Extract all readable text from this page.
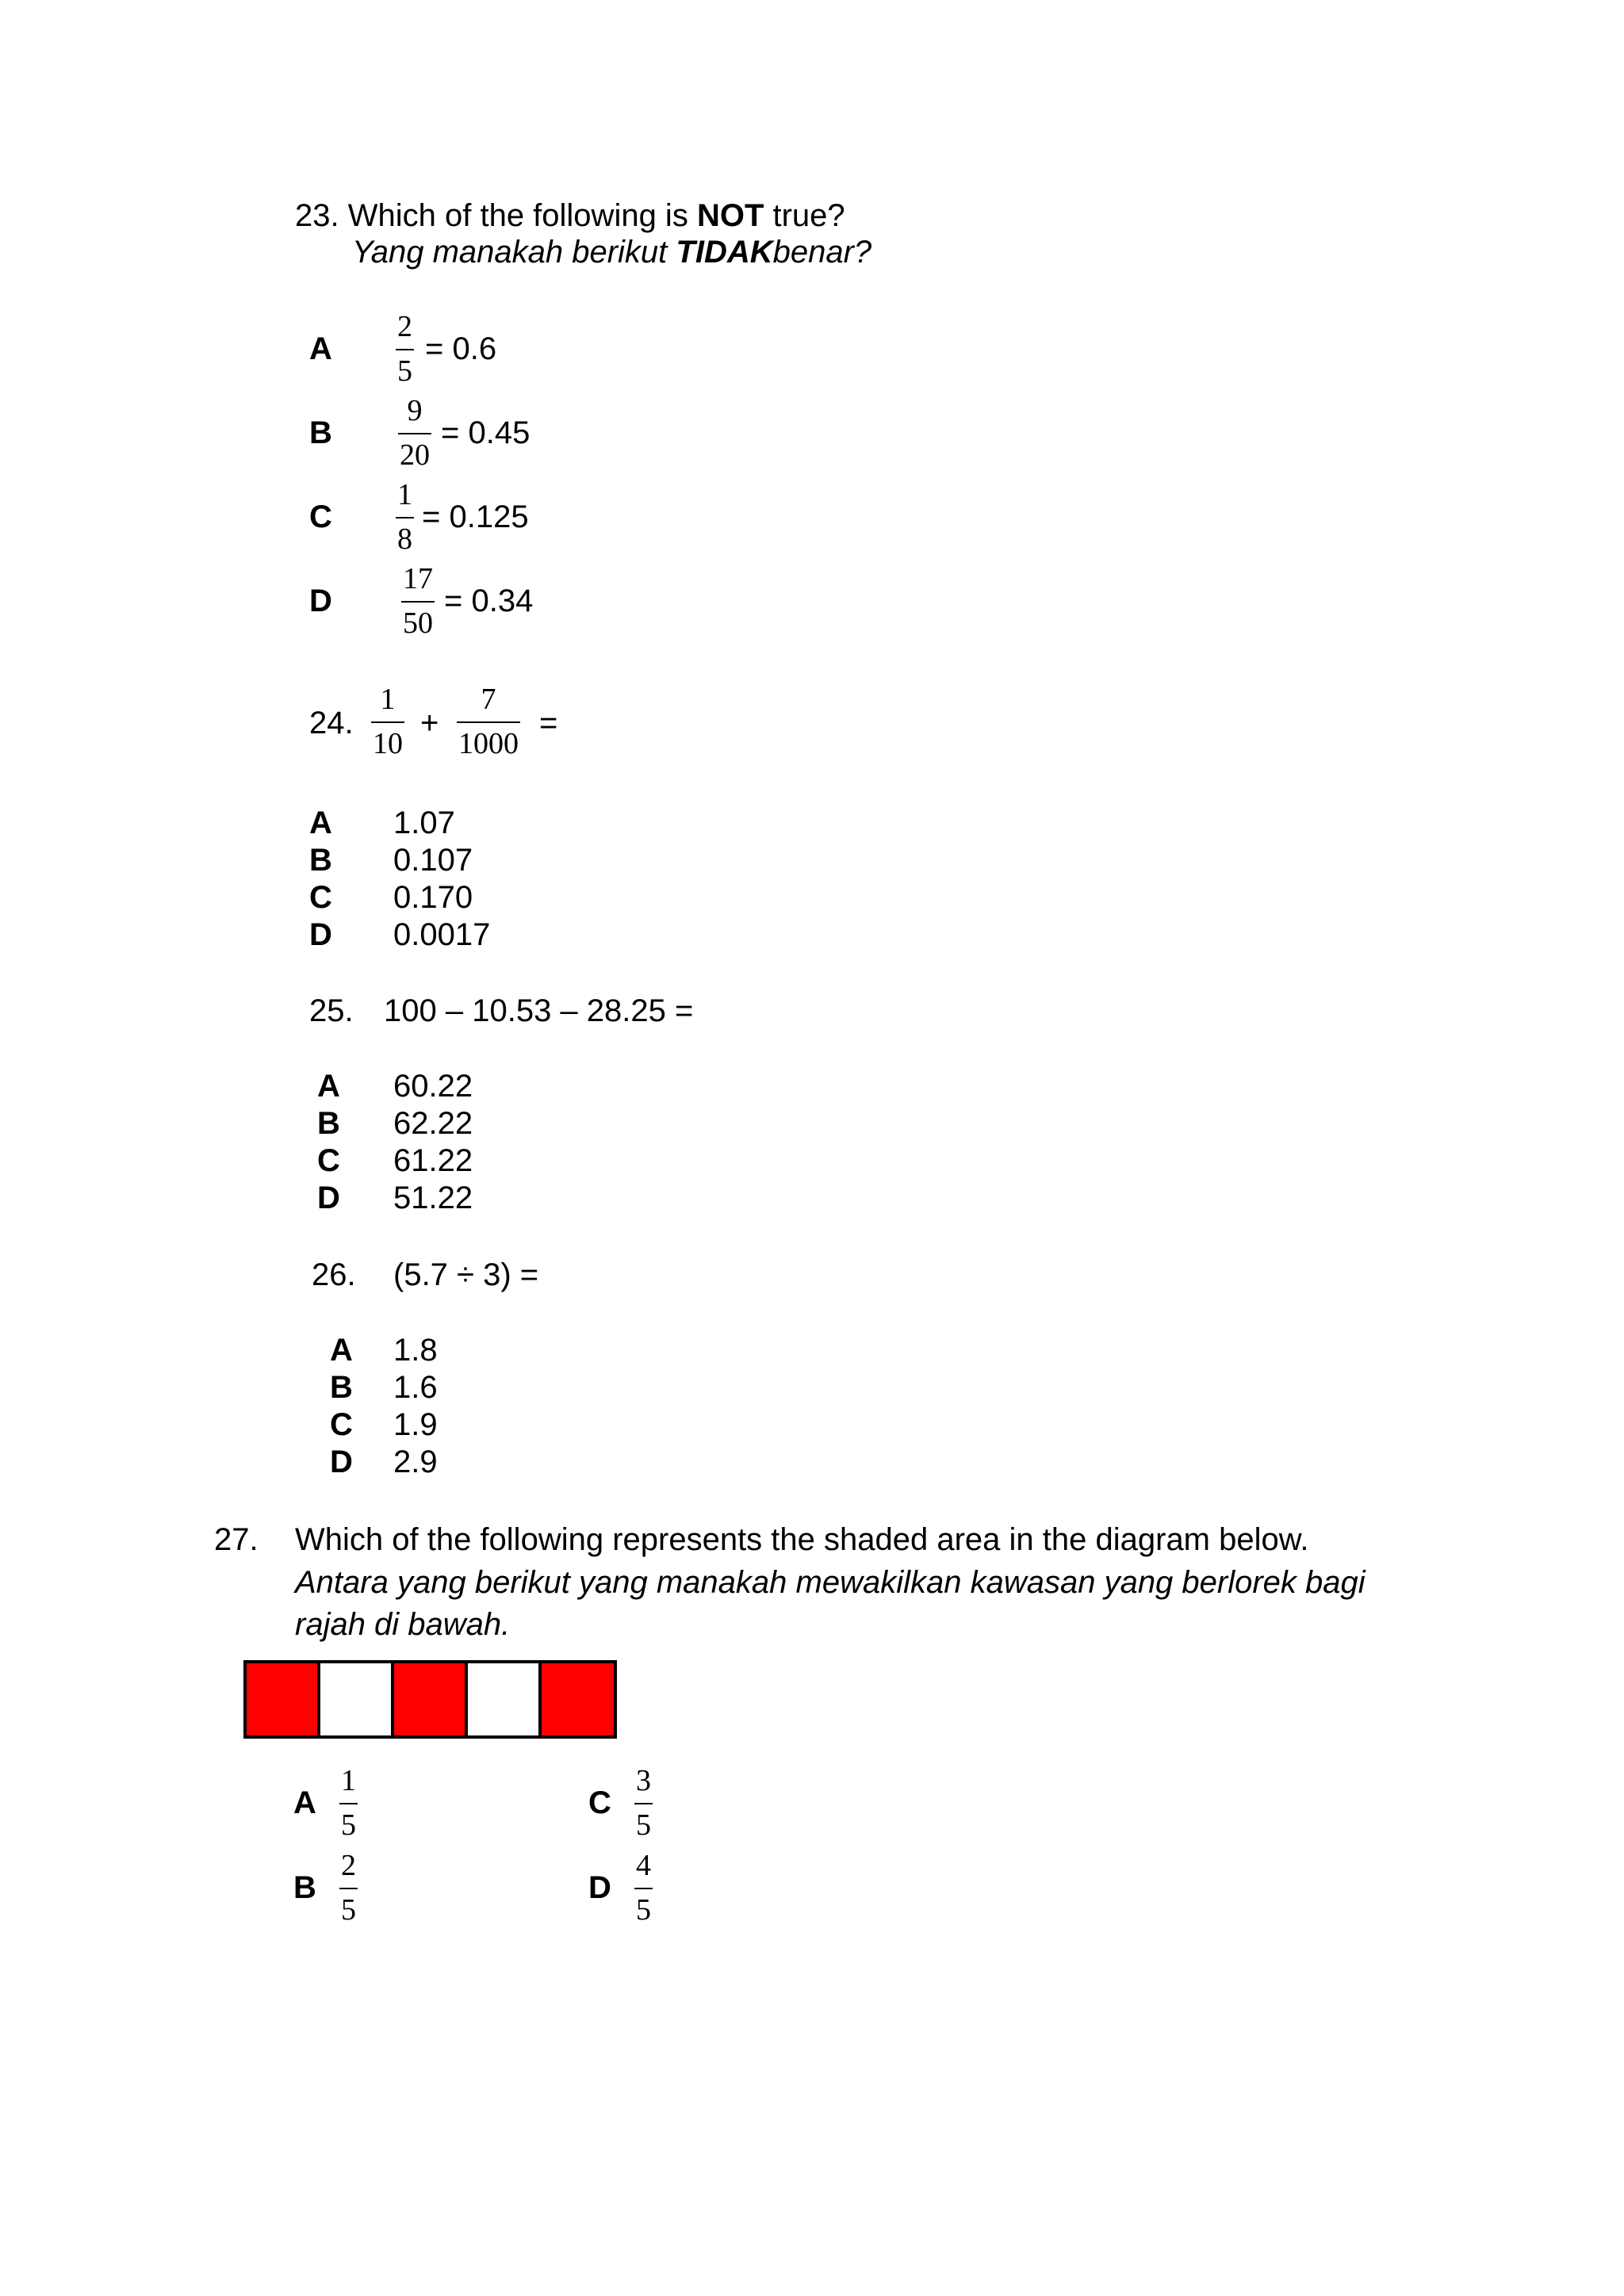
23. Which of the following is NOT true?
Yang manakah berikut TIDAKbenar?
A
2
5
= 0.6
B
9
20
= 0.45
C
1
8
= 0.125
D
17
50
= 0.34
24.
1
10
+
7
1000
=
A 1.07
B 0.107
C 0.170
D 0.0017
25. 100 – 10.53 – 28.25 =
A 60.22
B 62.22
C 61.22
D 51.22
26. (5.7 ÷ 3) =
A 1.8
B 1.6
C 1.9
D 2.9
27. Which of the following represents the shaded area in the diagram below.
Antara yang berikut yang manakah mewakilkan kawasan yang berlorek bagi
rajah di bawah.
A
1
5
B
2
5
C
3
5
D
4
5
